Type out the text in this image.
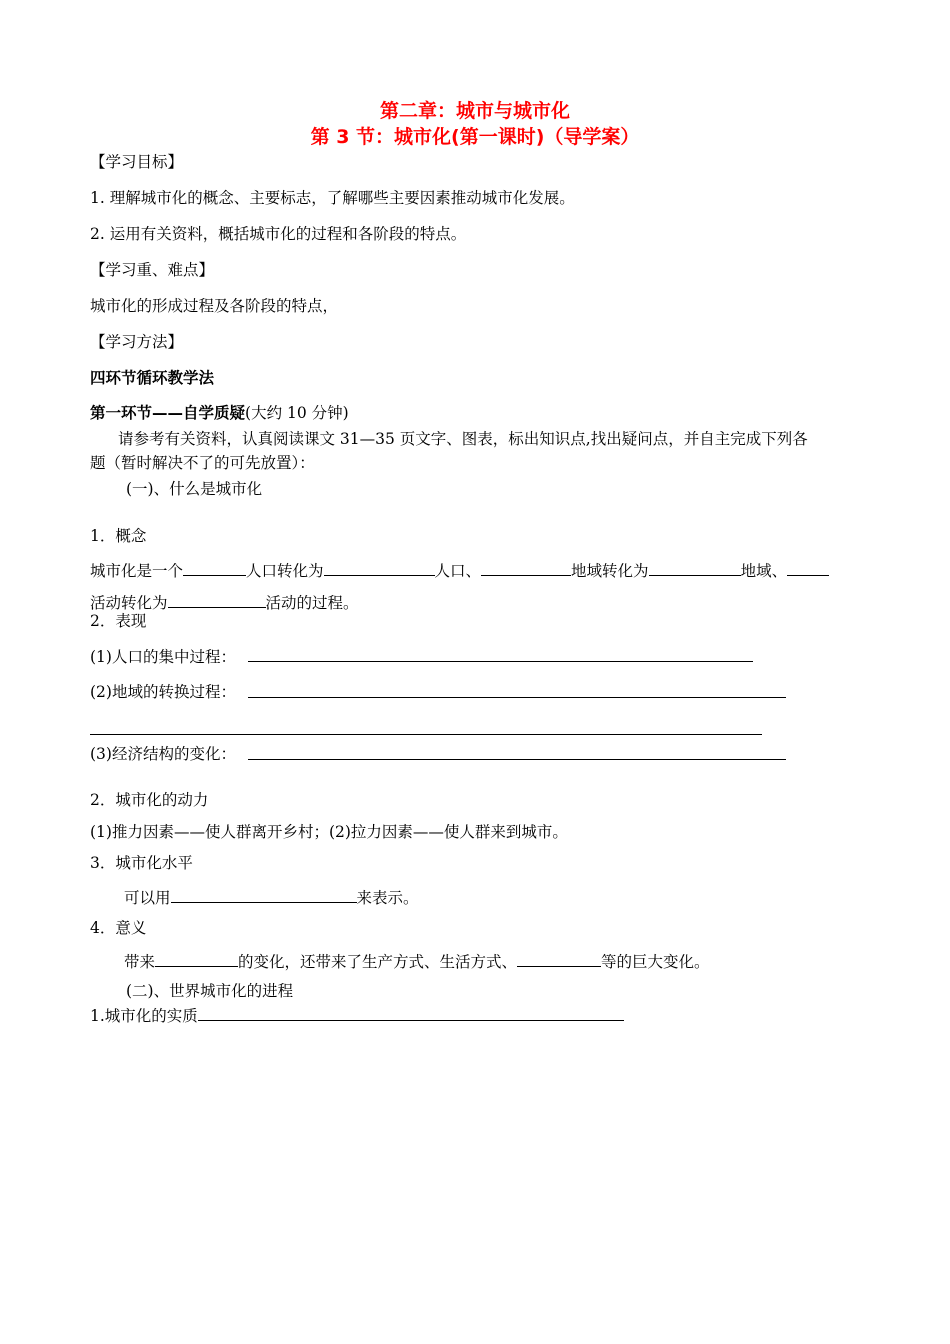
第二章：城市与城市化
第 3 节：城市化(第一课时)（导学案）
【学习目标】
1. 理解城市化的概念、主要标志，了解哪些主要因素推动城市化发展。
2. 运用有关资料，概括城市化的过程和各阶段的特点。
【学习重、难点】
城市化的形成过程及各阶段的特点，
【学习方法】
四环节循环教学法
第一环节——自学质疑(大约 10 分钟)
请参考有关资料，认真阅读课文 31—35 页文字、图表，标出知识点,找出疑问点，并自主完成下列各
题（暂时解决不了的可先放置）：
(一)、什么是城市化
1．概念
城市化是一个	人口转化为	人口、	地域转化为	地域、
活动转化为	活动的过程。
2．表现
(1)人口的集中过程：
(2)地域的转换过程：
(3)经济结构的变化：
2．城市化的动力
(1)推力因素——使人群离开乡村；(2)拉力因素——使人群来到城市。
3．城市化水平
可以用	来表示。
4．意义
带来	的变化，还带来了生产方式、生活方式、	等的巨大变化。
(二)、世界城市化的进程
1.城市化的实质
